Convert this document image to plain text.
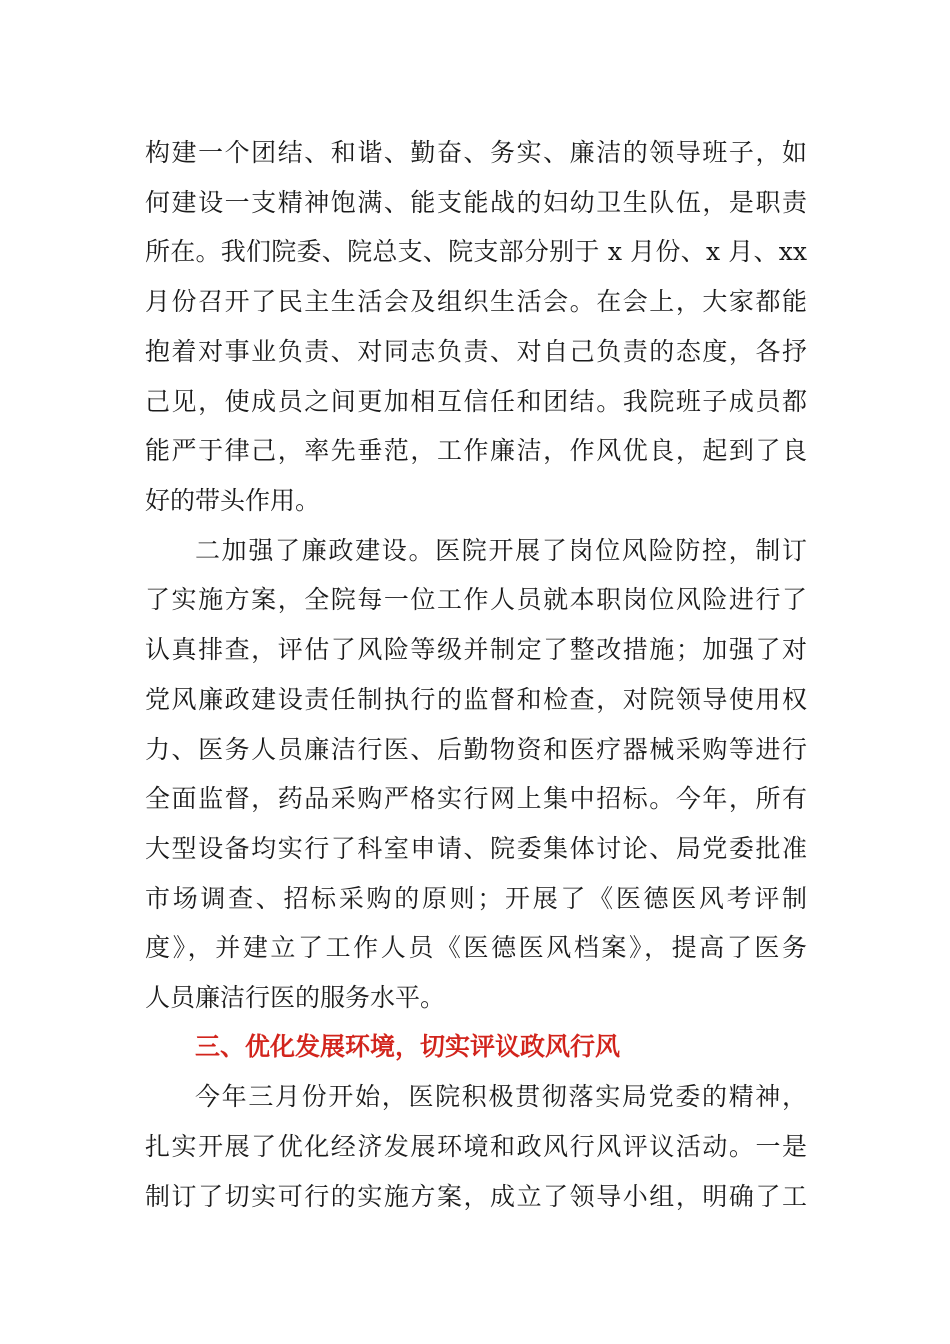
构建一个团结、和谐、勤奋、务实、廉洁的领导班子，如
何建设一支精神饱满、能支能战的妇幼卫生队伍，是职责
所在。我们院委、院总支、院支部分别于 x 月份、x 月、xx
月份召开了民主生活会及组织生活会。在会上，大家都能
抱着对事业负责、对同志负责、对自己负责的态度，各抒
己见，使成员之间更加相互信任和团结。我院班子成员都
能严于律己，率先垂范，工作廉洁，作风优良，起到了良
好的带头作用。
二加强了廉政建设。医院开展了岗位风险防控，制订
了实施方案，全院每一位工作人员就本职岗位风险进行了
认真排查，评估了风险等级并制定了整改措施；加强了对
党风廉政建设责任制执行的监督和检查，对院领导使用权
力、医务人员廉洁行医、后勤物资和医疗器械采购等进行
全面监督，药品采购严格实行网上集中招标。今年，所有
大型设备均实行了科室申请、院委集体讨论、局党委批准
市场调查、招标采购的原则；开展了《医德医风考评制
度》，并建立了工作人员《医德医风档案》，提高了医务
人员廉洁行医的服务水平。
三、优化发展环境，切实评议政风行风
今年三月份开始，医院积极贯彻落实局党委的精神，
扎实开展了优化经济发展环境和政风行风评议活动。一是
制订了切实可行的实施方案，成立了领导小组，明确了工
